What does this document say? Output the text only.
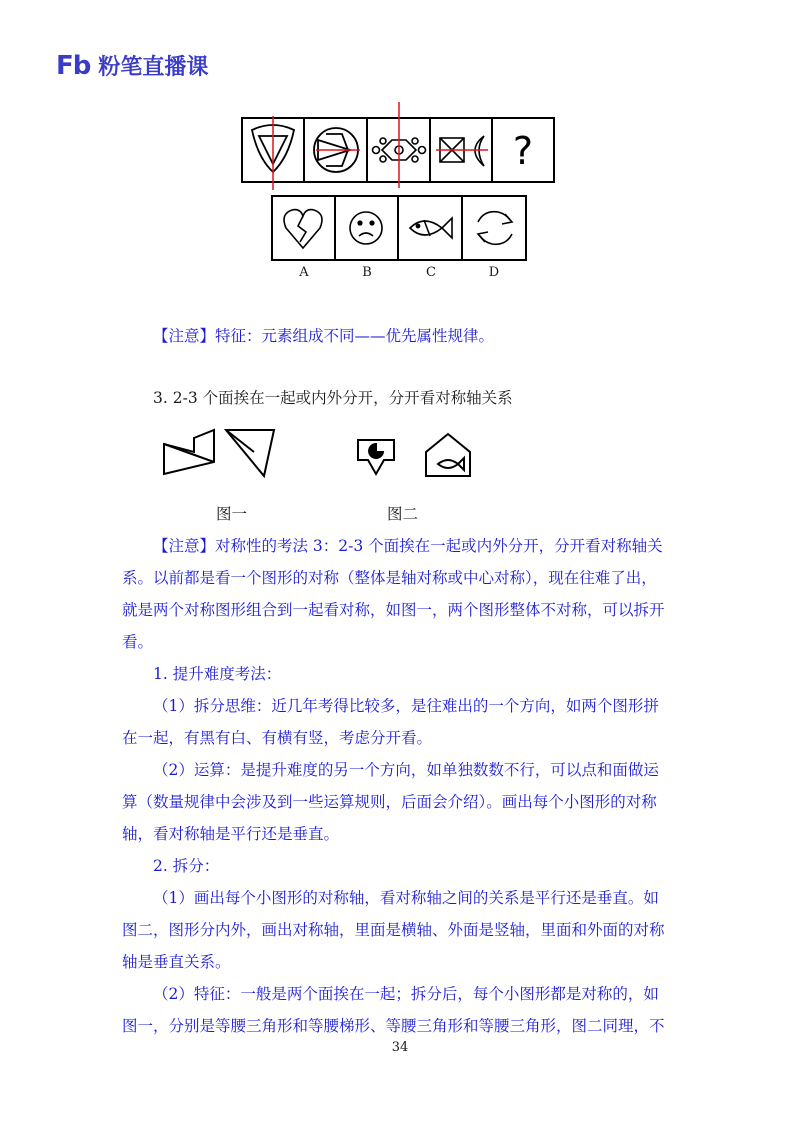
Fb 粉笔直播课
?
A	B	C	D
【注意】特征：元素组成不同——优先属性规律。
3. 2-3 个面挨在一起或内外分开，分开看对称轴关系
图一	图二
【注意】对称性的考法 3：2-3 个面挨在一起或内外分开，分开看对称轴关
系。以前都是看一个图形的对称（整体是轴对称或中心对称），现在往难了出，
就是两个对称图形组合到一起看对称，如图一，两个图形整体不对称，可以拆开
看。
1. 提升难度考法：
（1）拆分思维：近几年考得比较多，是往难出的一个方向，如两个图形拼
在一起，有黑有白、有横有竖，考虑分开看。
（2）运算：是提升难度的另一个方向，如单独数数不行，可以点和面做运
算（数量规律中会涉及到一些运算规则，后面会介绍）。画出每个小图形的对称
轴，看对称轴是平行还是垂直。
2. 拆分：
（1）画出每个小图形的对称轴，看对称轴之间的关系是平行还是垂直。如
图二，图形分内外，画出对称轴，里面是横轴、外面是竖轴，里面和外面的对称
轴是垂直关系。
（2）特征：一般是两个面挨在一起；拆分后，每个小图形都是对称的，如
图一，分别是等腰三角形和等腰梯形、等腰三角形和等腰三角形，图二同理，不
34
